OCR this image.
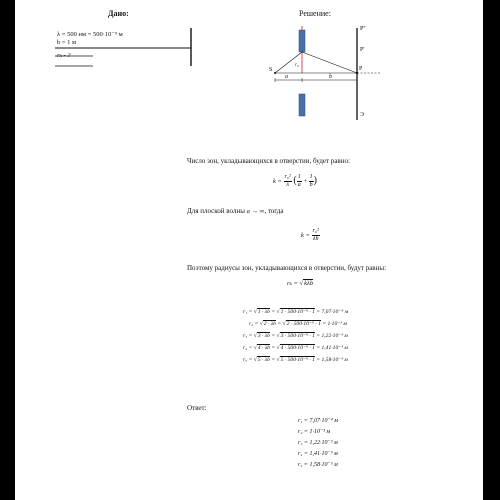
Дано:	Решение:
λ = 500 нм = 500·10⁻⁹ м
b = 1 м
rₖ - ?
S	P
P'
P''
r₀
a	b
Э
Число зон, укладывающихся в отверстии, будет равно:
$k = \frac{\text{r₀²}}{\lambda}$ ( $\frac{1}{a} + \frac{1}{b}$ )
Для плоской волны a → ∞, тогда
$k = \frac{\text{r₀²}}{\lambda b}$
Поэтому радиусы зон, укладывающихся в отверстии, будут равны:
rₖ = √kλb
r₁ = √1 · λb = √1 · 500·10⁻⁹ · 1 = 7,07·10⁻⁴ м
r₂ = √2 · λb = √2 · 500·10⁻⁹ · 1 = 1·10⁻³ м
r₃ = √3 · λb = √3 · 500·10⁻⁹ · 1 = 1,22·10⁻³ м
r₄ = √4 · λb = √4 · 500·10⁻⁹ · 1 = 1,41·10⁻³ м
r₅ = √5 · λb = √5 · 500·10⁻⁹ · 1 = 1,58·10⁻³ м
Ответ:
r₁ = 7,07·10⁻⁴ м
r₂ = 1·10⁻³ м
r₃ = 1,22·10⁻³ м
r₄ = 1,41·10⁻³ м
r₅ = 1,58·10⁻³ м
